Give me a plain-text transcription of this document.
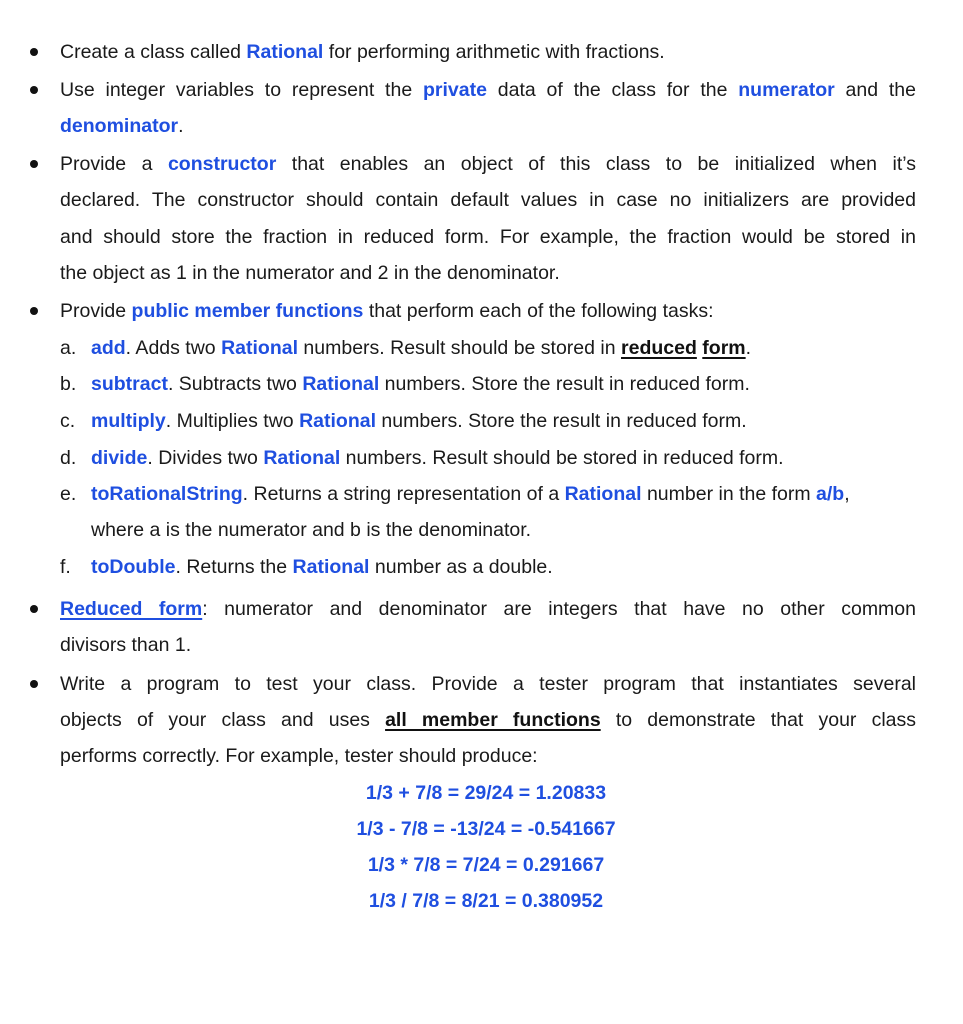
Create a class called Rational for performing arithmetic with fractions.
Use integer variables to represent the private data of the class for the numerator and the
denominator.
Provide a constructor that enables an object of this class to be initialized when it’s
declared. The constructor should contain default values in case no initializers are provided
and should store the fraction in reduced form. For example, the fraction would be stored in
the object as 1 in the numerator and 2 in the denominator.
Provide public member functions that perform each of the following tasks:
a. add. Adds two Rational numbers. Result should be stored in reduced form.
b. subtract. Subtracts two Rational numbers. Store the result in reduced form.
c. multiply. Multiplies two Rational numbers. Store the result in reduced form.
d. divide. Divides two Rational numbers. Result should be stored in reduced form.
e. toRationalString. Returns a string representation of a Rational number in the form a/b,
where a is the numerator and b is the denominator.
f. toDouble. Returns the Rational number as a double.
Reduced form: numerator and denominator are integers that have no other common
divisors than 1.
Write a program to test your class. Provide a tester program that instantiates several
objects of your class and uses all member functions to demonstrate that your class
performs correctly. For example, tester should produce:
1/3 + 7/8 = 29/24 = 1.20833
1/3 - 7/8 = -13/24 = -0.541667
1/3 * 7/8 = 7/24 = 0.291667
1/3 / 7/8 = 8/21 = 0.380952
